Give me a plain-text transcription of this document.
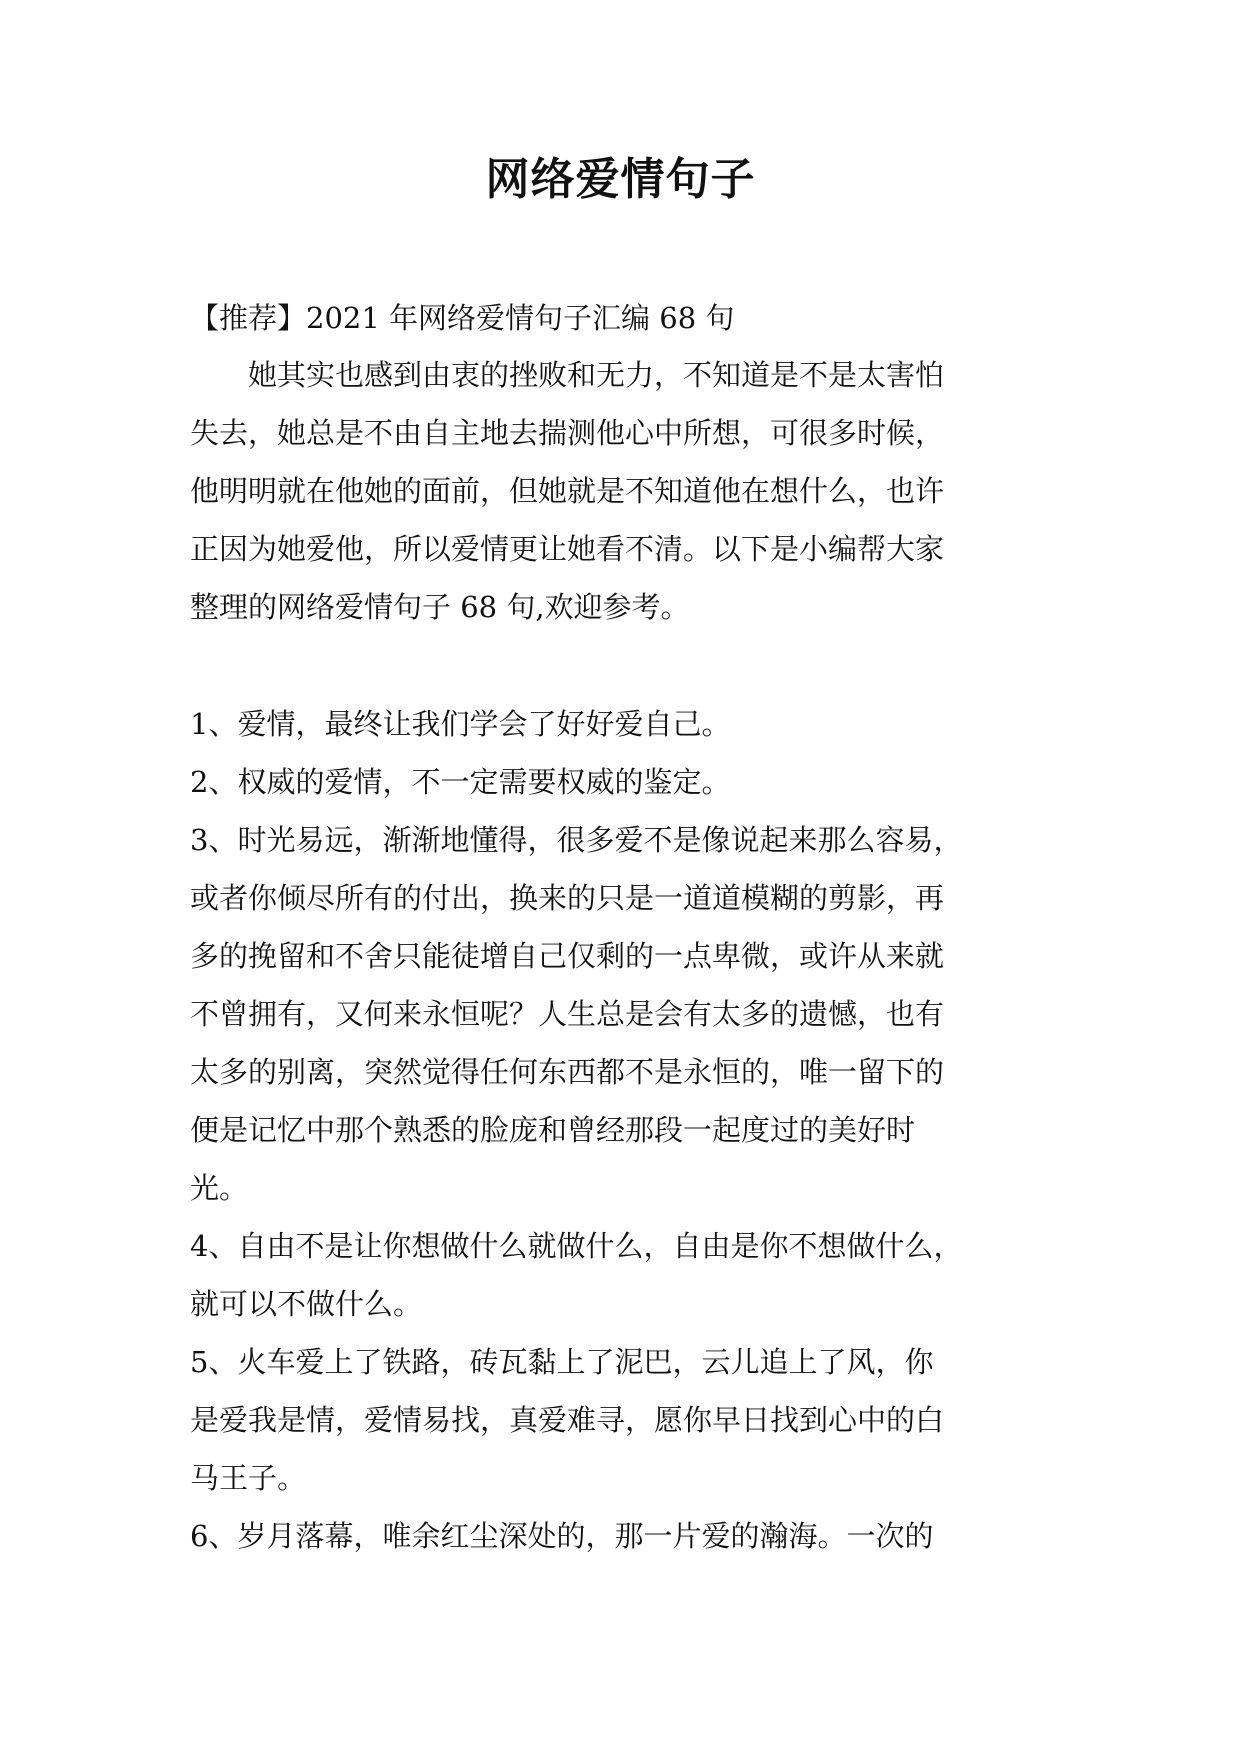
网络爱情句子
【推荐】2021 年网络爱情句子汇编 68 句
她其实也感到由衷的挫败和无力，不知道是不是太害怕
失去，她总是不由自主地去揣测他心中所想，可很多时候，
他明明就在他她的面前，但她就是不知道他在想什么，也许
正因为她爱他，所以爱情更让她看不清。以下是小编帮大家
整理的网络爱情句子 68 句,欢迎参考。
1、爱情，最终让我们学会了好好爱自己。
2、权威的爱情，不一定需要权威的鉴定。
3、时光易远，渐渐地懂得，很多爱不是像说起来那么容易，
或者你倾尽所有的付出，换来的只是一道道模糊的剪影，再
多的挽留和不舍只能徒增自己仅剩的一点卑微，或许从来就
不曾拥有，又何来永恒呢？人生总是会有太多的遗憾，也有
太多的别离，突然觉得任何东西都不是永恒的，唯一留下的
便是记忆中那个熟悉的脸庞和曾经那段一起度过的美好时
光。
4、自由不是让你想做什么就做什么，自由是你不想做什么，
就可以不做什么。
5、火车爱上了铁路，砖瓦黏上了泥巴，云儿追上了风，你
是爱我是情，爱情易找，真爱难寻，愿你早日找到心中的白
马王子。
6、岁月落幕，唯余红尘深处的，那一片爱的瀚海。一次的
